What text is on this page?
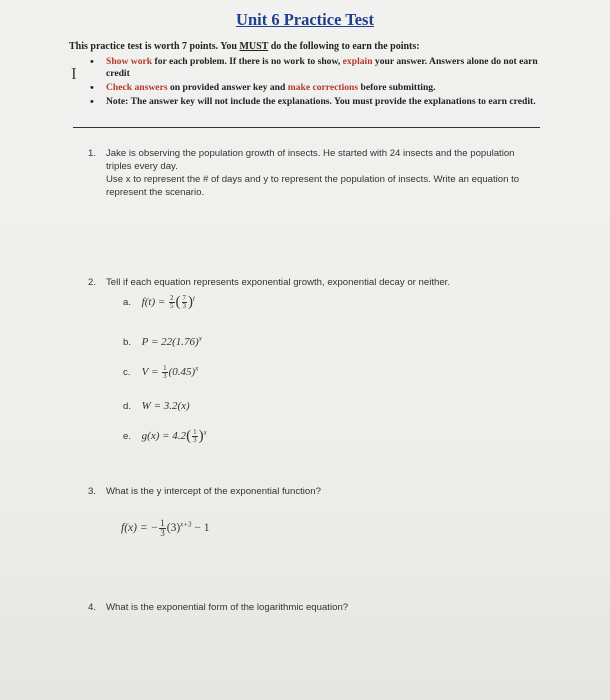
Unit 6 Practice Test
This practice test is worth 7 points. You MUST do the following to earn the points:
I
• Show work for each problem. If there is no work to show, explain your answer. Answers alone do not earn credit
• Check answers on provided answer key and make corrections before submitting.
• Note: The answer key will not include the explanations. You must provide the explanations to earn credit.
1. Jake is observing the population growth of insects. He started with 24 insects and the population triples every day.
Use x to represent the # of days and y to represent the population of insects. Write an equation to represent the scenario.
2. Tell if each equation represents exponential growth, exponential decay or neither.
a. $f(t) = \frac{2}{5}$ ( $\frac{7}{3} )^t$
b. $P = 22(1.76)^x$
c. $V = \frac{1}{3} (0.45)^x$
d. W = 3.2(x)
e. $g(x) = 4.2( \frac{1}{3} )^x$
3. What is the y intercept of the exponential function?
f(x) = − $\frac{1}{3} (3)^{x+3} - 1$
4. What is the exponential form of the logarithmic equation?
